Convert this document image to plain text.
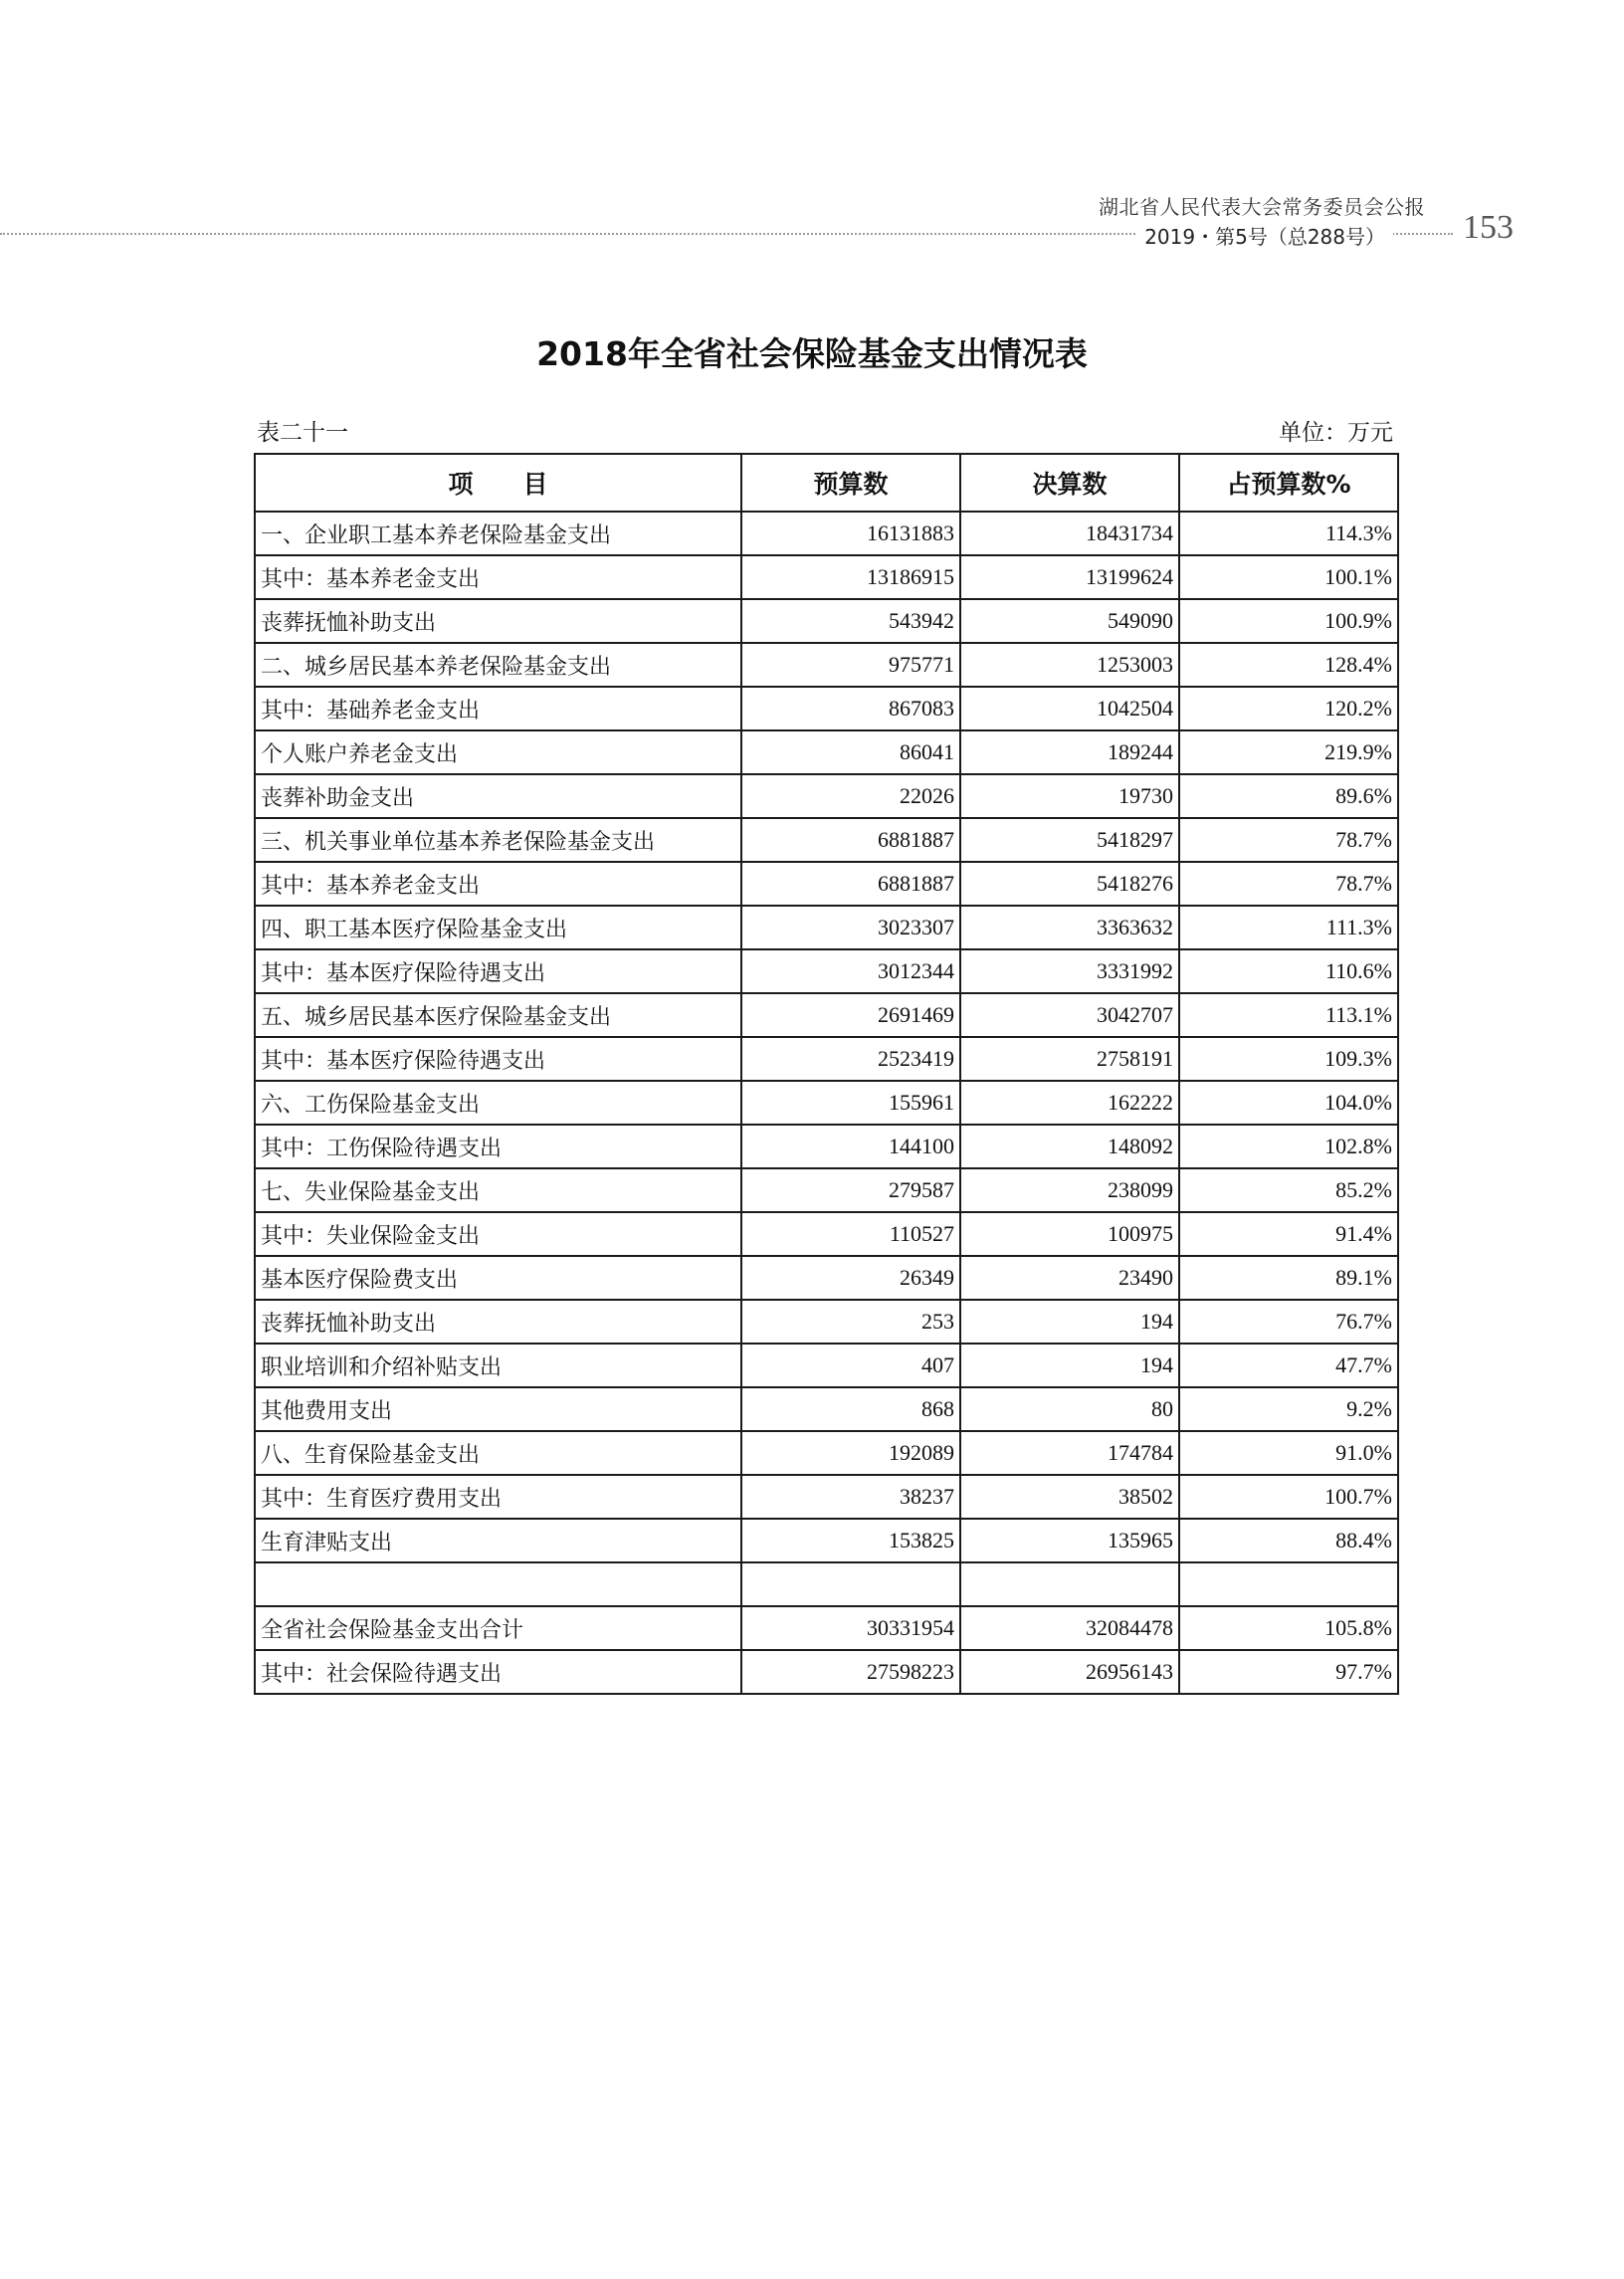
湖北省人民代表大会常务委员会公报
2019・第5号（总288号） 153
2018年全省社会保险基金支出情况表
表二十一	单位：万元
项　　目	预算数	决算数	占预算数%
一、企业职工基本养老保险基金支出	16131883	18431734	114.3%
其中：基本养老金支出	13186915	13199624	100.1%
丧葬抚恤补助支出	543942	549090	100.9%
二、城乡居民基本养老保险基金支出	975771	1253003	128.4%
其中：基础养老金支出	867083	1042504	120.2%
个人账户养老金支出	86041	189244	219.9%
丧葬补助金支出	22026	19730	89.6%
三、机关事业单位基本养老保险基金支出	6881887	5418297	78.7%
其中：基本养老金支出	6881887	5418276	78.7%
四、职工基本医疗保险基金支出	3023307	3363632	111.3%
其中：基本医疗保险待遇支出	3012344	3331992	110.6%
五、城乡居民基本医疗保险基金支出	2691469	3042707	113.1%
其中：基本医疗保险待遇支出	2523419	2758191	109.3%
六、工伤保险基金支出	155961	162222	104.0%
其中：工伤保险待遇支出	144100	148092	102.8%
七、失业保险基金支出	279587	238099	85.2%
其中：失业保险金支出	110527	100975	91.4%
基本医疗保险费支出	26349	23490	89.1%
丧葬抚恤补助支出	253	194	76.7%
职业培训和介绍补贴支出	407	194	47.7%
其他费用支出	868	80	9.2%
八、生育保险基金支出	192089	174784	91.0%
其中：生育医疗费用支出	38237	38502	100.7%
生育津贴支出	153825	135965	88.4%

全省社会保险基金支出合计	30331954	32084478	105.8%
其中：社会保险待遇支出	27598223	26956143	97.7%
